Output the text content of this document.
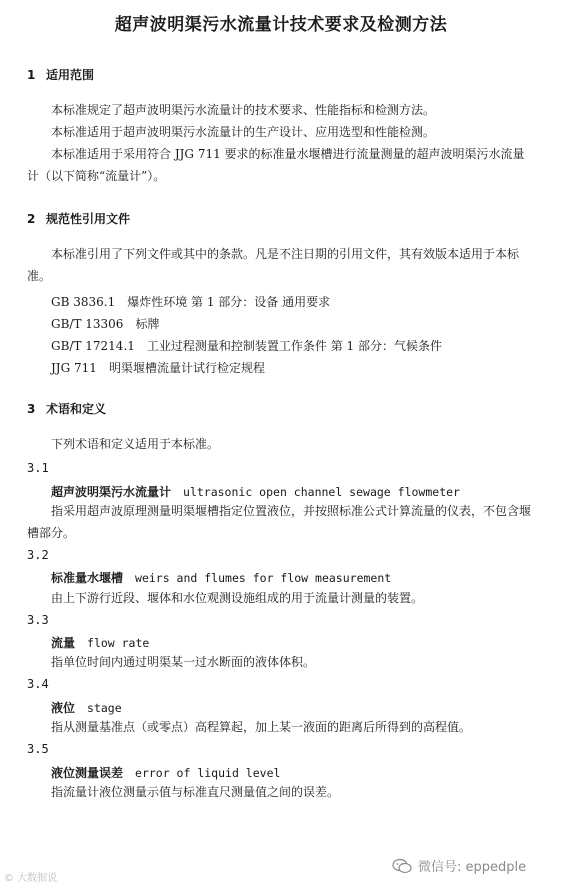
超声波明渠污水流量计技术要求及检测方法
1 适用范围
本标准规定了超声波明渠污水流量计的技术要求、性能指标和检测方法。
本标准适用于超声波明渠污水流量计的生产设计、应用选型和性能检测。
本标准适用于采用符合 JJG 711 要求的标准量水堰槽进行流量测量的超声波明渠污水流量计（以下简称“流量计”）。
2 规范性引用文件
本标准引用了下列文件或其中的条款。凡是不注日期的引用文件，其有效版本适用于本标准。
GB 3836.1 爆炸性环境 第 1 部分：设备 通用要求
GB/T 13306 标牌
GB/T 17214.1 工业过程测量和控制装置工作条件 第 1 部分：气候条件
JJG 711 明渠堰槽流量计试行检定规程
3 术语和定义
下列术语和定义适用于本标准。
3.1
超声波明渠污水流量计 ultrasonic open channel sewage flowmeter
指采用超声波原理测量明渠堰槽指定位置液位，并按照标准公式计算流量的仪表，不包含堰槽部分。
3.2
标准量水堰槽 weirs and flumes for flow measurement
由上下游行近段、堰体和水位观测设施组成的用于流量计测量的装置。
3.3
流量 flow rate
指单位时间内通过明渠某一过水断面的液体体积。
3.4
液位 stage
指从测量基准点（或零点）高程算起，加上某一液面的距离后所得到的高程值。
3.5
液位测量误差 error of liquid level
指流量计液位测量示值与标准直尺测量值之间的误差。
© 大数据说
微信号: eppedple
